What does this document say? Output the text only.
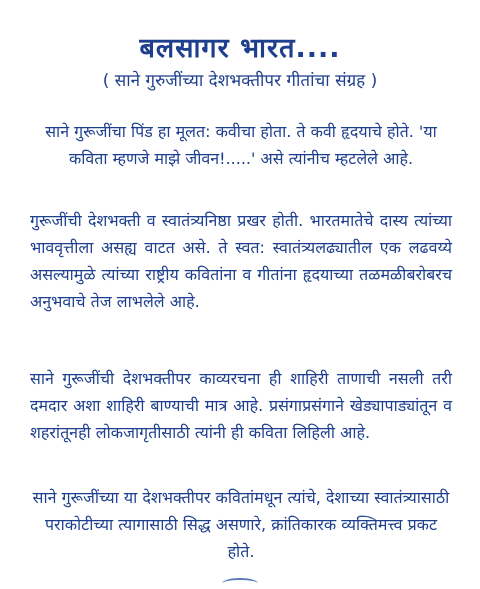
बलसागर भारत....
( साने गुरुजींच्या देशभक्तीपर गीतांचा संग्रह )

साने गुरूजींचा पिंड हा मूलत: कवीचा होता. ते कवी हृदयाचे होते. 'या कविता म्हणजे माझे जीवन!.....' असे त्यांनीच म्हटलेले आहे.

गुरूजींची देशभक्ती व स्वातंत्र्यनिष्ठा प्रखर होती. भारतमातेचे दास्य त्यांच्या भाववृत्तीला असह्य वाटत असे. ते स्वत: स्वातंत्र्यलढ्यातील एक लढवय्ये असल्यामुळे त्यांच्या राष्ट्रीय कवितांना व गीतांना हृदयाच्या तळमळीबरोबरच अनुभवाचे तेज लाभलेले आहे.

साने गुरूजींची देशभक्तीपर काव्यरचना ही शाहिरी ताणाची नसली तरी दमदार अशा शाहिरी बाण्याची मात्र आहे. प्रसंगाप्रसंगाने खेड्यापाड्यांतून व शहरांतूनही लोकजागृतीसाठी त्यांनी ही कविता लिहिली आहे.

साने गुरूजींच्या या देशभक्तीपर कवितांमधून त्यांचे, देशाच्या स्वातंत्र्यासाठी पराकोटीच्या त्यागासाठी सिद्ध असणारे, क्रांतिकारक व्यक्तिमत्त्व प्रकट होते.
